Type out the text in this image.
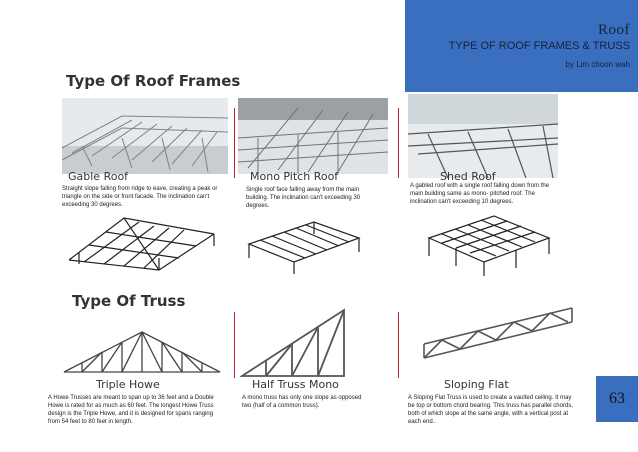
Roof
TYPE OF ROOF FRAMES & TRUSS
by Lim choon wah
Type Of Roof Frames
Gable Roof	Mono Pitch Roof	Shed Roof
Straight slope falling from ridge to eave, creating a peak or triangle on the side or front facade. The inclination can't exceeding 30 degrees.
Single roof face falling away from the main building. The inclination can't exceeding 30 degrees.
A gabled roof with a single roof falling down from the main building same as mono- pitched roof. The inclination can't exceeding 10 degrees.
Type Of Truss
Triple Howe	Half Truss Mono	Sloping Flat
A Howe Trusses are meant to span up to 36 feet and a Double Howe is rated for as much as 60 feet. The longest Howe Truss design is the Triple Howe, and it is designed for spans ranging from 54 feet to 80 feet in length.
A mono truss has only one slope as opposed two (half of a common truss).
A Sloping Flat Truss is used to create a vaulted ceiling. It may be top or bottom chord bearing. This truss has parallel chords, both of which slope at the same angle, with a vertical post at each end..
63
